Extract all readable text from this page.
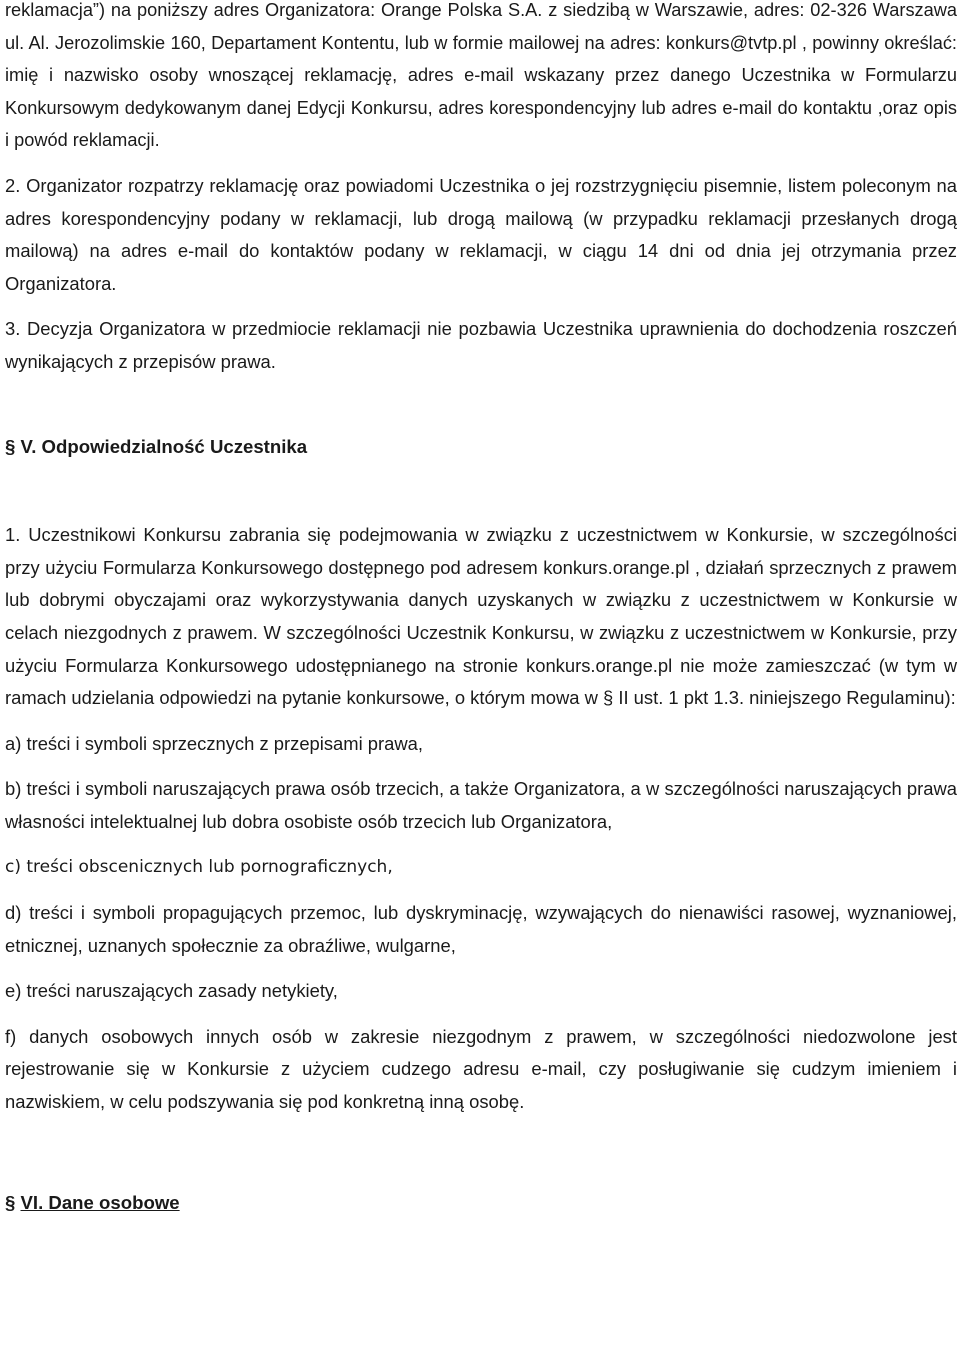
reklamacja”) na poniższy adres Organizatora: Orange Polska S.A. z siedzibą w Warszawie, adres: 02-326 Warszawa ul. Al. Jerozolimskie 160, Departament Kontentu, lub w formie mailowej na adres: konkurs@tvtp.pl , powinny określać: imię i nazwisko osoby wnoszącej reklamację, adres e-mail wskazany przez danego Uczestnika w Formularzu Konkursowym dedykowanym danej Edycji Konkursu, adres korespondencyjny lub adres e-mail do kontaktu ,oraz opis i powód reklamacji.

2. Organizator rozpatrzy reklamację oraz powiadomi Uczestnika o jej rozstrzygnięciu pisemnie, listem poleconym na adres korespondencyjny podany w reklamacji, lub drogą mailową (w przypadku reklamacji przesłanych drogą mailową) na adres e-mail do kontaktów podany w reklamacji, w ciągu 14 dni od dnia jej otrzymania przez Organizatora.

3. Decyzja Organizatora w przedmiocie reklamacji nie pozbawia Uczestnika uprawnienia do dochodzenia roszczeń wynikających z przepisów prawa.

§ V. Odpowiedzialność Uczestnika

1. Uczestnikowi Konkursu zabrania się podejmowania w związku z uczestnictwem w Konkursie, w szczególności przy użyciu Formularza Konkursowego dostępnego pod adresem konkurs.orange.pl , działań sprzecznych z prawem lub dobrymi obyczajami oraz wykorzystywania danych uzyskanych w związku z uczestnictwem w Konkursie w celach niezgodnych z prawem. W szczególności Uczestnik Konkursu, w związku z uczestnictwem w Konkursie, przy użyciu Formularza Konkursowego udostępnianego na stronie konkurs.orange.pl nie może zamieszczać (w tym w ramach udzielania odpowiedzi na pytanie konkursowe, o którym mowa w § II ust. 1 pkt 1.3. niniejszego Regulaminu):

a) treści i symboli sprzecznych z przepisami prawa,

b) treści i symboli naruszających prawa osób trzecich, a także Organizatora, a w szczególności naruszających prawa własności intelektualnej lub dobra osobiste osób trzecich lub Organizatora,

c) treści obscenicznych lub pornograficznych,

d) treści i symboli propagujących przemoc, lub dyskryminację, wzywających do nienawiści rasowej, wyznaniowej, etnicznej, uznanych społecznie za obraźliwe, wulgarne,

e) treści naruszających zasady netykiety,

f) danych osobowych innych osób w zakresie niezgodnym z prawem, w szczególności niedozwolone jest rejestrowanie się w Konkursie z użyciem cudzego adresu e-mail, czy posługiwanie się cudzym imieniem i nazwiskiem, w celu podszywania się pod konkretną inną osobę.

§ VI. Dane osobowe
